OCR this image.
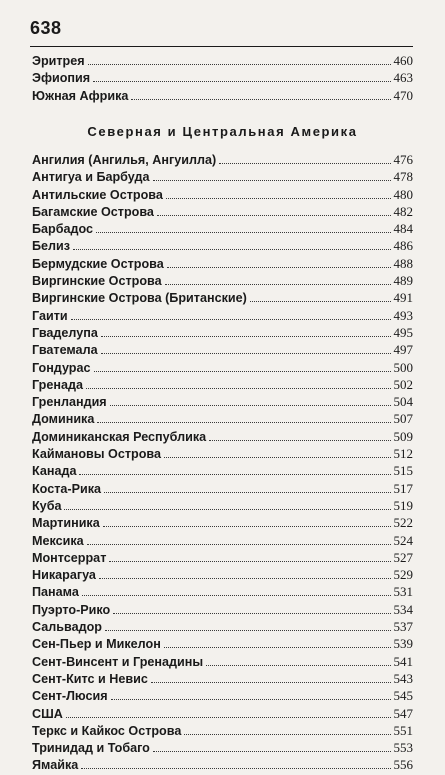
638
Эритрея	460
Эфиопия	463
Южная Африка	470
Северная и Центральная Америка
Ангилия (Ангилья, Ангуилла)	476
Антигуа и Барбуда	478
Антильские Острова	480
Багамские Острова	482
Барбадос	484
Белиз	486
Бермудские Острова	488
Виргинские Острова	489
Виргинские Острова (Британские)	491
Гаити	493
Гваделупа	495
Гватемала	497
Гондурас	500
Гренада	502
Гренландия	504
Доминика	507
Доминиканская Республика	509
Каймановы Острова	512
Канада	515
Коста-Рика	517
Куба	519
Мартиника	522
Мексика	524
Монтсеррат	527
Никарагуа	529
Панама	531
Пуэрто-Рико	534
Сальвадор	537
Сен-Пьер и Микелон	539
Сент-Винсент и Гренадины	541
Сент-Китс и Невис	543
Сент-Люсия	545
США	547
Теркс и Кайкос Острова	551
Тринидад и Тобаго	553
Ямайка	556
